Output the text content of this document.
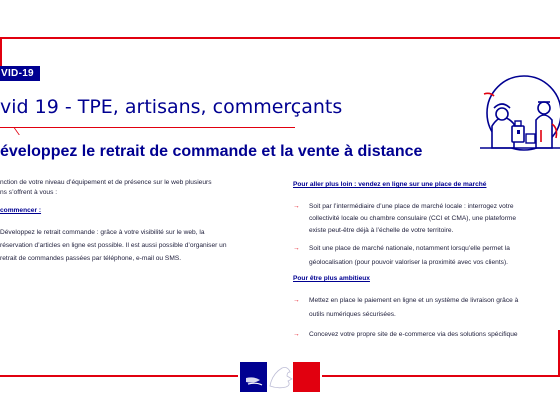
VID-19
vid 19 - TPE, artisans, commerçants
éveloppez le retrait de commande et la vente à distance

nction de votre niveau d’équipement et de présence sur le web plusieurs

ns s’offrent à vous :

commencer :

Développez le retrait commande : grâce à votre visibilité sur le web, la

réservation d’articles en ligne est possible. Il est aussi possible d’organiser un

retrait de commandes passées par téléphone, e-mail ou SMS.

Pour aller plus loin : vendez en ligne sur une place de marché

→	Soit par l’intermédiaire d’une place de marché locale : interrogez votre

collectivité locale ou chambre consulaire (CCI et CMA), une plateforme

existe peut-être déjà à l’échelle de votre territoire.

→	Soit une place de marché nationale, notamment lorsqu’elle permet la

géolocalisation (pour pouvoir valoriser la proximité avec vos clients).

Pour être plus ambitieux

→	Mettez en place le paiement en ligne et un système de livraison grâce à

outils numériques sécurisées.

→	Concevez votre propre site de e-commerce via des solutions spécifique
